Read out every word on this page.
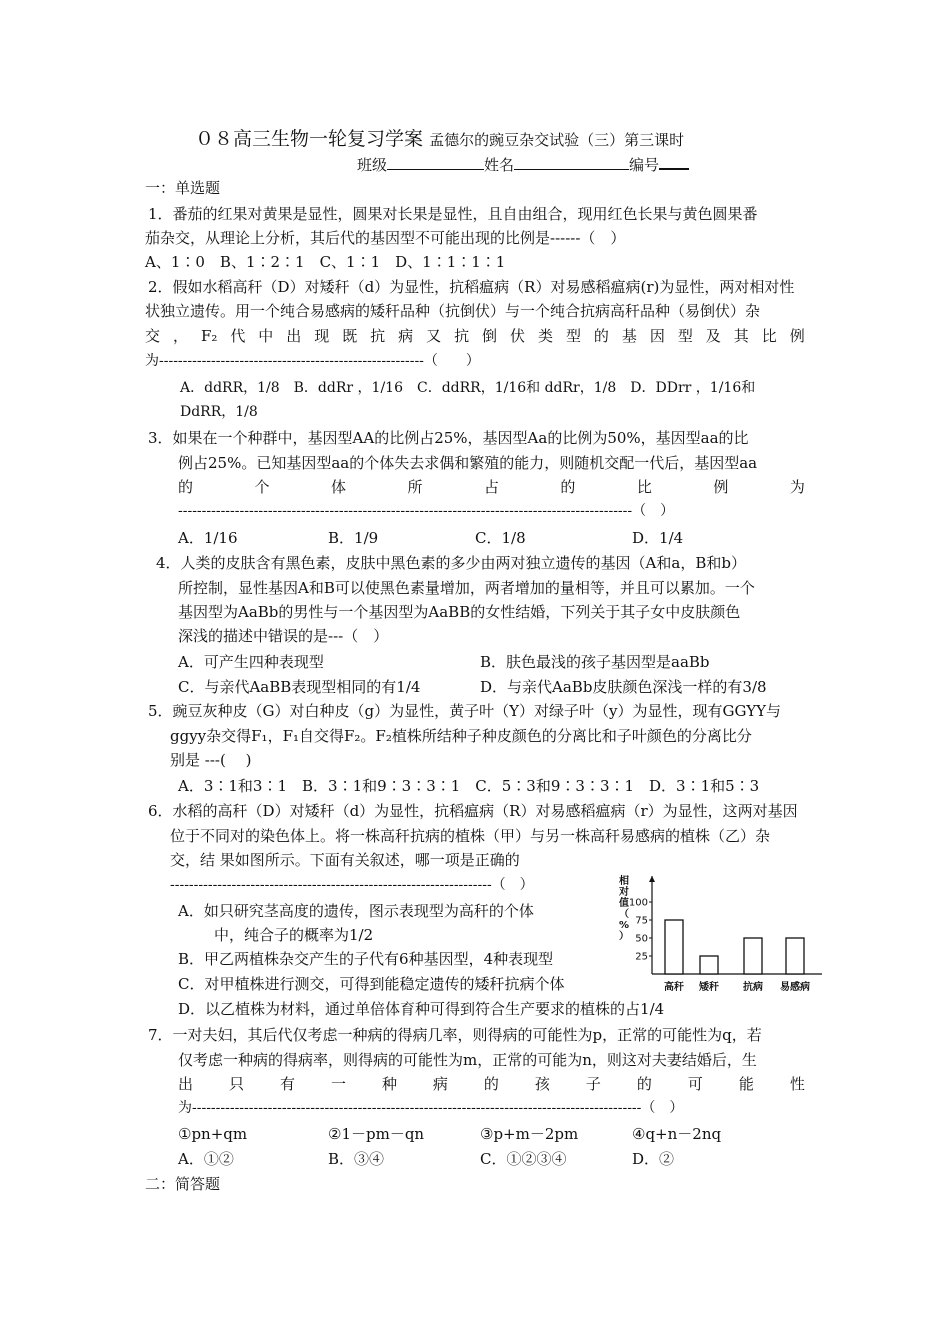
０８高三生物一轮复习学案 孟德尔的豌豆杂交试验（三）第三课时
班级	姓名	编号
一：单选题
1．番茄的红果对黄果是显性，圆果对长果是显性，且自由组合，现用红色长果与黄色圆果番
茄杂交，从理论上分析，其后代的基因型不可能出现的比例是------（　）
A、1∶0　B、1∶2∶1　C、1∶1　D、1∶1∶1∶1
2．假如水稻高秆（D）对矮秆（d）为显性，抗稻瘟病（R）对易感稻瘟病(r)为显性，两对相对性
状独立遗传。用一个纯合易感病的矮秆品种（抗倒伏）与一个纯合抗病高秆品种（易倒伏）杂
交 ， F₂ 代 中 出 现 既 抗 病 又 抗 倒 伏 类 型 的 基 因 型 及 其 比 例
为--------------------------------------------------------（　　）
A．ddRR，1/8　B．ddRr ，1/16　C．ddRR，1/16和 ddRr，1/8　D．DDrr ，1/16和
DdRR，1/8
3．如果在一个种群中，基因型AA的比例占25%，基因型Aa的比例为50%，基因型aa的比
例占25%。已知基因型aa的个体失去求偶和繁殖的能力，则随机交配一代后，基因型aa
的	个	体	所	占	的	比	例	为
------------------------------------------------------------------------------------------------（　）
A．1/16	B．1/9	C．1/8	D．1/4
4．人类的皮肤含有黑色素，皮肤中黑色素的多少由两对独立遗传的基因（A和a，B和b）
所控制，显性基因A和B可以使黑色素量增加，两者增加的量相等，并且可以累加。一个
基因型为AaBb的男性与一个基因型为AaBB的女性结婚，下列关于其子女中皮肤颜色
深浅的描述中错误的是---（　）
A．可产生四种表现型	B．肤色最浅的孩子基因型是aaBb
C．与亲代AaBB表现型相同的有1/4	D．与亲代AaBb皮肤颜色深浅一样的有3/8
5．豌豆灰种皮（G）对白种皮（g）为显性，黄子叶（Y）对绿子叶（y）为显性，现有GGYY与
ggyy杂交得F₁，F₁自交得F₂。F₂植株所结种子种皮颜色的分离比和子叶颜色的分离比分
别是 ---(　 )
A．3∶1和3∶1　B．3∶1和9∶3∶3∶1　C．5∶3和9∶3∶3∶1　D．3∶1和5∶3
6．水稻的高秆（D）对矮秆（d）为显性，抗稻瘟病（R）对易感稻瘟病（r）为显性，这两对基因
位于不同对的染色体上。将一株高秆抗病的植株（甲）与另一株高秆易感病的植株（乙）杂
交，结 果如图所示。下面有关叙述，哪一项是正确的
--------------------------------------------------------------------（　）
A．如只研究茎高度的遗传，图示表现型为高秆的个体
中，纯合子的概率为1/2
B．甲乙两植株杂交产生的子代有6种基因型，4种表现型
C．对甲植株进行测交，可得到能稳定遗传的矮秆抗病个体
D．以乙植株为材料，通过单倍体育种可得到符合生产要求的植株的占1/4
100
75
50
25
相
对
值
（
%
）
高秆 矮秆 抗病 易感病
7．一对夫妇，其后代仅考虑一种病的得病几率，则得病的可能性为p，正常的可能性为q，若
仅考虑一种病的得病率，则得病的可能性为m，正常的可能为n，则这对夫妻结婚后，生
出 只 有 一 种 病 的 孩 子 的 可 能 性
为-----------------------------------------------------------------------------------------------（　）
①pn+qm	②1－pm－qn	③p+m－2pm	④q+n－2nq
A．①②	B．③④	C．①②③④	D．②
二：简答题
